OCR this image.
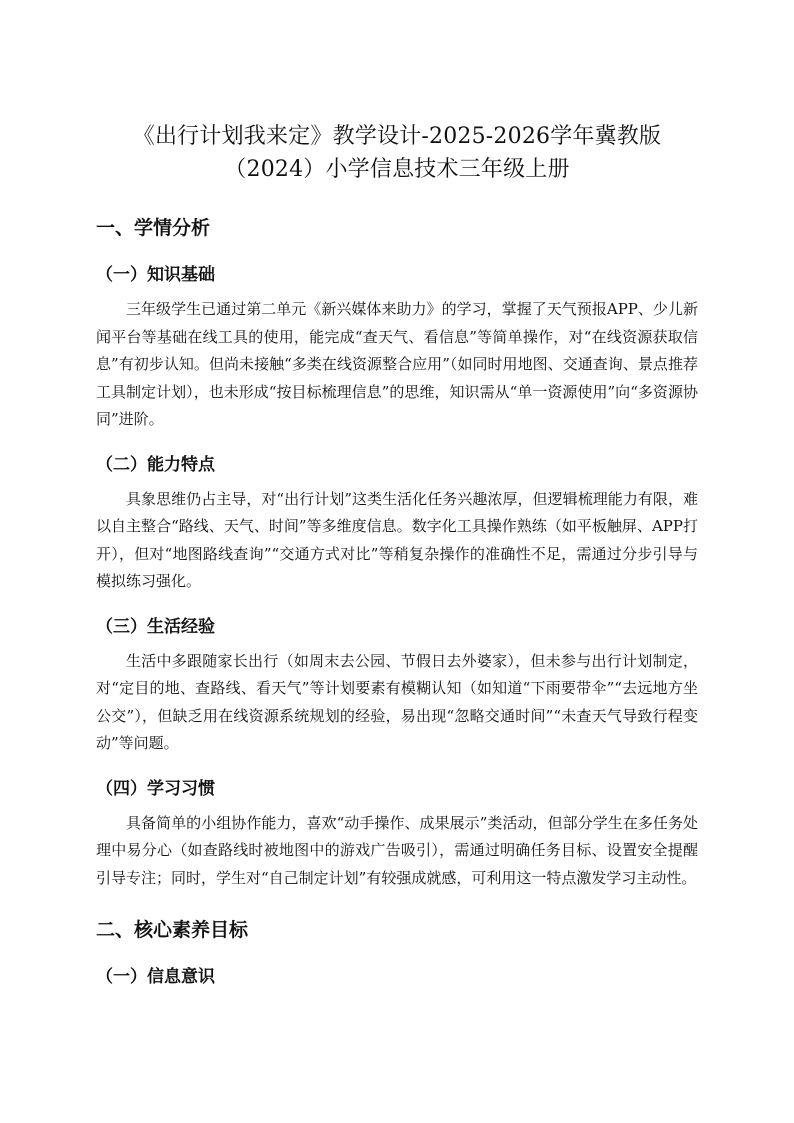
《出行计划我来定》教学设计-2025-2026学年冀教版（2024）小学信息技术三年级上册
一、学情分析
（一）知识基础

三年级学生已通过第二单元《新兴媒体来助力》的学习，掌握了天气预报APP、少儿新闻平台等基础在线工具的使用，能完成“查天气、看信息”等简单操作，对“在线资源获取信息”有初步认知。但尚未接触“多类在线资源整合应用”（如同时用地图、交通查询、景点推荐工具制定计划），也未形成“按目标梳理信息”的思维，知识需从“单一资源使用”向“多资源协同”进阶。

（二）能力特点

具象思维仍占主导，对“出行计划”这类生活化任务兴趣浓厚，但逻辑梳理能力有限，难以自主整合“路线、天气、时间”等多维度信息。数字化工具操作熟练（如平板触屏、APP打开），但对“地图路线查询”“交通方式对比”等稍复杂操作的准确性不足，需通过分步引导与模拟练习强化。

（三）生活经验

生活中多跟随家长出行（如周末去公园、节假日去外婆家），但未参与出行计划制定，对“定目的地、查路线、看天气”等计划要素有模糊认知（如知道“下雨要带伞”“去远地方坐公交”），但缺乏用在线资源系统规划的经验，易出现“忽略交通时间”“未查天气导致行程变动”等问题。

（四）学习习惯

具备简单的小组协作能力，喜欢“动手操作、成果展示”类活动，但部分学生在多任务处理中易分心（如查路线时被地图中的游戏广告吸引），需通过明确任务目标、设置安全提醒引导专注；同时，学生对“自己制定计划”有较强成就感，可利用这一特点激发学习主动性。

二、核心素养目标
（一）信息意识
